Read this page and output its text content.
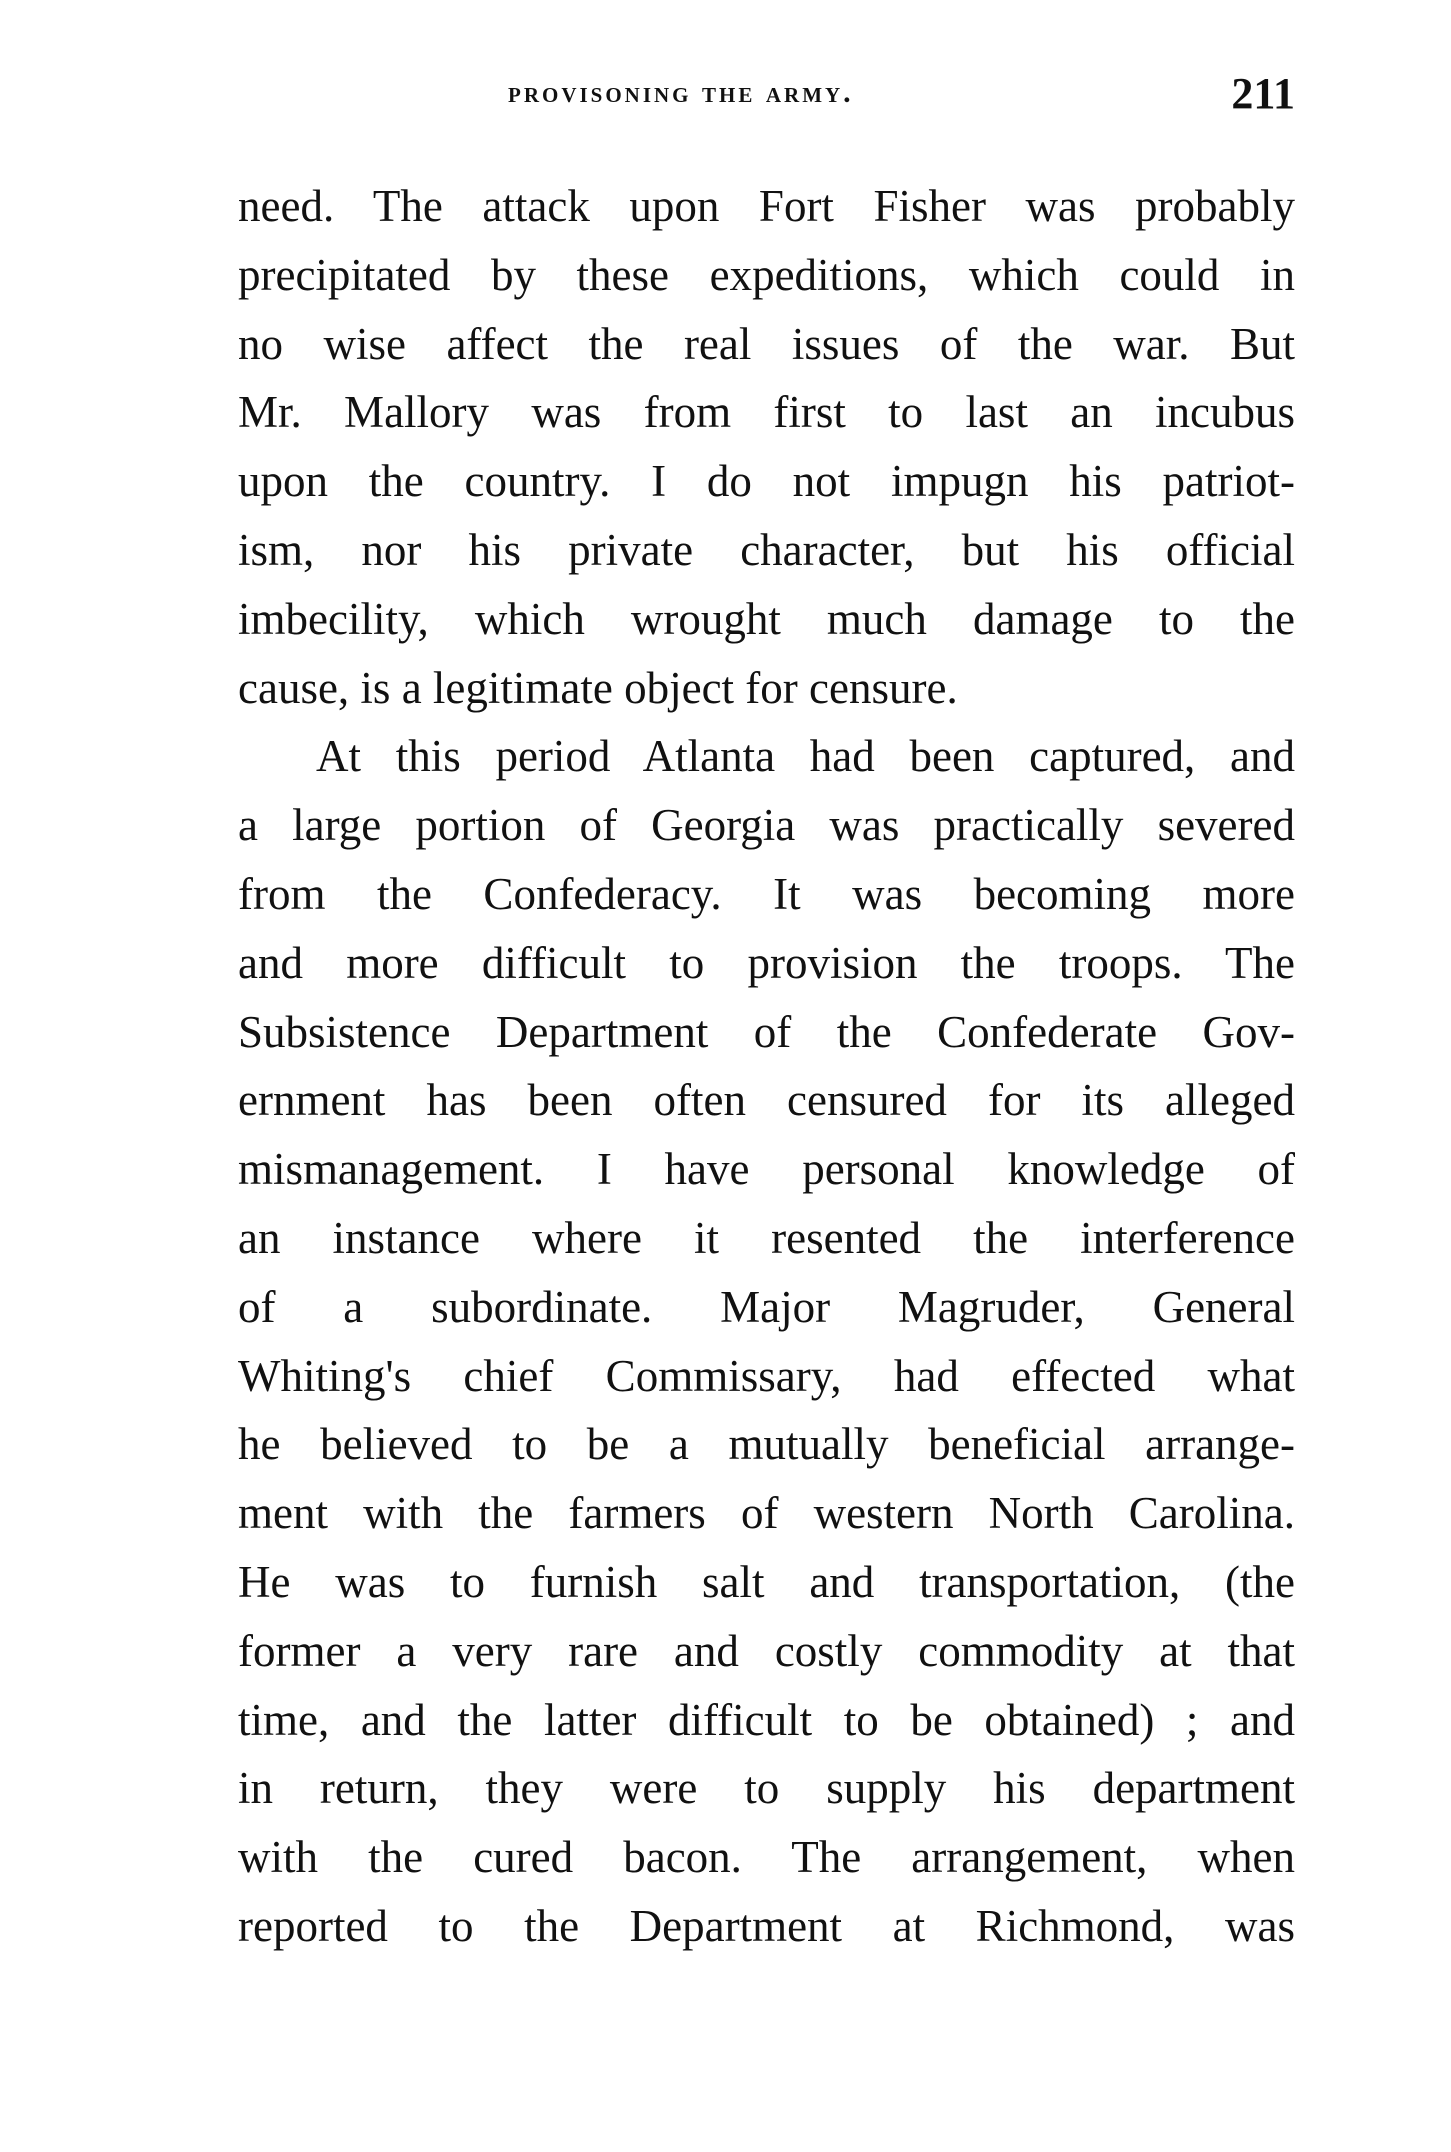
provisoning the army.	211
need. The attack upon Fort Fisher was probably
precipitated by these expeditions, which could in
no wise affect the real issues of the war. But
Mr. Mallory was from first to last an incubus
upon the country. I do not impugn his patriot-
ism, nor his private character, but his official
imbecility, which wrought much damage to the
cause, is a legitimate object for censure.
At this period Atlanta had been captured, and
a large portion of Georgia was practically severed
from the Confederacy. It was becoming more
and more difficult to provision the troops. The
Subsistence Department of the Confederate Gov-
ernment has been often censured for its alleged
mismanagement. I have personal knowledge of
an instance where it resented the interference
of a subordinate. Major Magruder, General
Whiting's chief Commissary, had effected what
he believed to be a mutually beneficial arrange-
ment with the farmers of western North Carolina.
He was to furnish salt and transportation, (the
former a very rare and costly commodity at that
time, and the latter difficult to be obtained) ; and
in return, they were to supply his department
with the cured bacon. The arrangement, when
reported to the Department at Richmond, was
